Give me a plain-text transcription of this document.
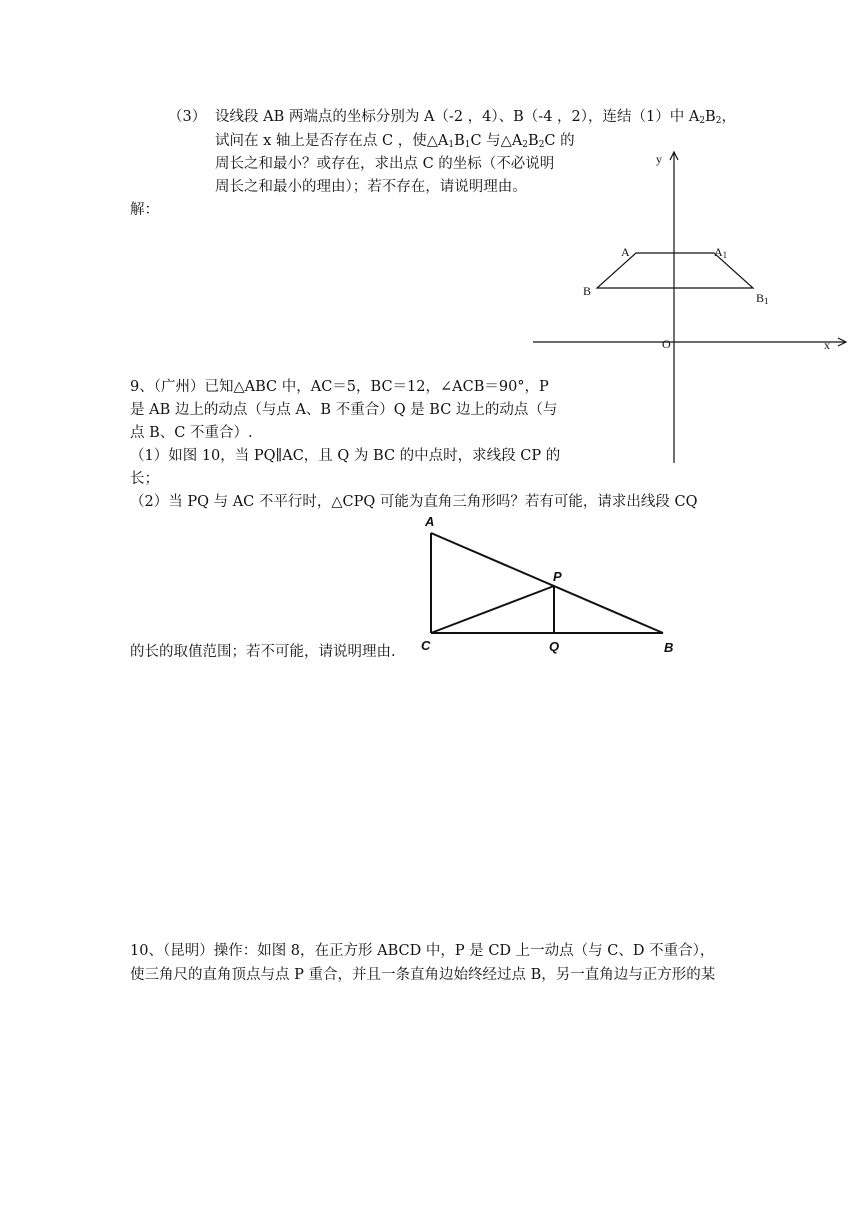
（3） 设线段 AB 两端点的坐标分别为 A（-2 ，4）、B（-4 ，2），连结（1）中 $A_2B_2$，

试问在 x 轴上是否存在点 C ，使$\triangle A_1B_1C$ 与$\triangle A_2B_2C$ 的

周长之和最小？或存在，求出点 C 的坐标（不必说明

周长之和最小的理由）；若不存在，请说明理由。

解：

y
x
O
A	$A_1$
B	$B_1$

9、（广州）已知△ABC 中，AC＝5，BC＝12，∠ACB＝90°，P

是 AB 边上的动点（与点 A、B 不重合）Q 是 BC 边上的动点（与

点 B、C 不重合）.

（1）如图 10，当 PQ∥AC，且 Q 为 BC 的中点时，求线段 CP 的

长；

（2）当 PQ 与 AC 不平行时，△CPQ 可能为直角三角形吗？若有可能，请求出线段 CQ

的长的取值范围；若不可能，请说明理由.

A
P
C	Q	B

10、（昆明）操作：如图 8，在正方形 ABCD 中，P 是 CD 上一动点（与 C、D 不重合），

使三角尺的直角顶点与点 P 重合，并且一条直角边始终经过点 B，另一直角边与正方形的某
